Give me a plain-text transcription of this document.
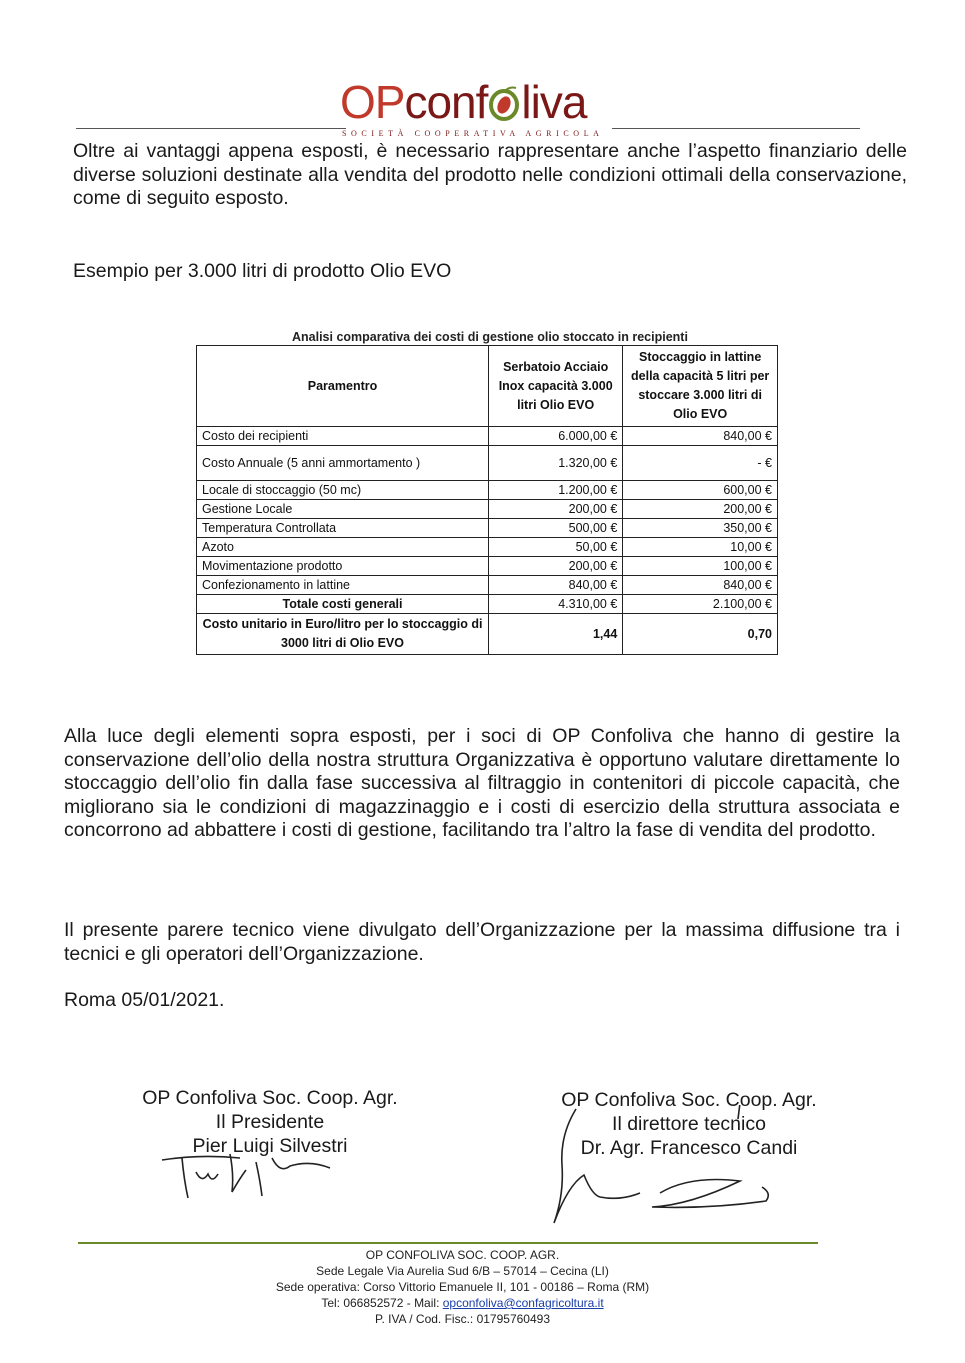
OPconf liva
SOCIETÀ COOPERATIVA AGRICOLA
Oltre ai vantaggi appena esposti, è necessario rappresentare anche l’aspetto finanziario delle diverse soluzioni destinate alla vendita del prodotto nelle condizioni ottimali della conservazione, come di seguito esposto.
Esempio per 3.000 litri di prodotto Olio EVO
Analisi comparativa dei costi di gestione olio stoccato in recipienti
Paramentro	Serbatoio Acciaio Inox capacità 3.000 litri Olio EVO	Stoccaggio in lattine della capacità 5 litri per stoccare 3.000 litri di Olio EVO
Costo dei recipienti	6.000,00 €	840,00 €
Costo Annuale (5 anni ammortamento )	1.320,00 €	- €
Locale di stoccaggio (50 mc)	1.200,00 €	600,00 €
Gestione Locale	200,00 €	200,00 €
Temperatura Controllata	500,00 €	350,00 €
Azoto	50,00 €	10,00 €
Movimentazione prodotto	200,00 €	100,00 €
Confezionamento in lattine	840,00 €	840,00 €
Totale costi generali	4.310,00 €	2.100,00 €
Costo unitario in Euro/litro per lo stoccaggio di 3000 litri di Olio EVO	1,44	0,70
Alla luce degli elementi sopra esposti, per i soci di OP Confoliva che hanno di gestire la conservazione dell’olio della nostra struttura Organizzativa è opportuno valutare direttamente lo stoccaggio dell’olio fin dalla fase successiva al filtraggio in contenitori di piccole capacità, che migliorano sia le condizioni di magazzinaggio e i costi di esercizio della struttura associata e concorrono ad abbattere i costi di gestione, facilitando tra l’altro la fase di vendita del prodotto.
Il presente parere tecnico viene divulgato dell’Organizzazione per la massima diffusione tra i tecnici e gli operatori dell’Organizzazione.
Roma 05/01/2021.
OP Confoliva Soc. Coop. Agr.
Il Presidente
Pier Luigi Silvestri
OP Confoliva Soc. Coop. Agr.
Il direttore tecnico
Dr. Agr. Francesco Candi
OP CONFOLIVA SOC. COOP. AGR.
Sede Legale Via Aurelia Sud 6/B – 57014 – Cecina (LI)
Sede operativa: Corso Vittorio Emanuele II, 101 - 00186 – Roma (RM)
Tel: 066852572 - Mail: opconfoliva@confagricoltura.it
P. IVA / Cod. Fisc.: 01795760493
